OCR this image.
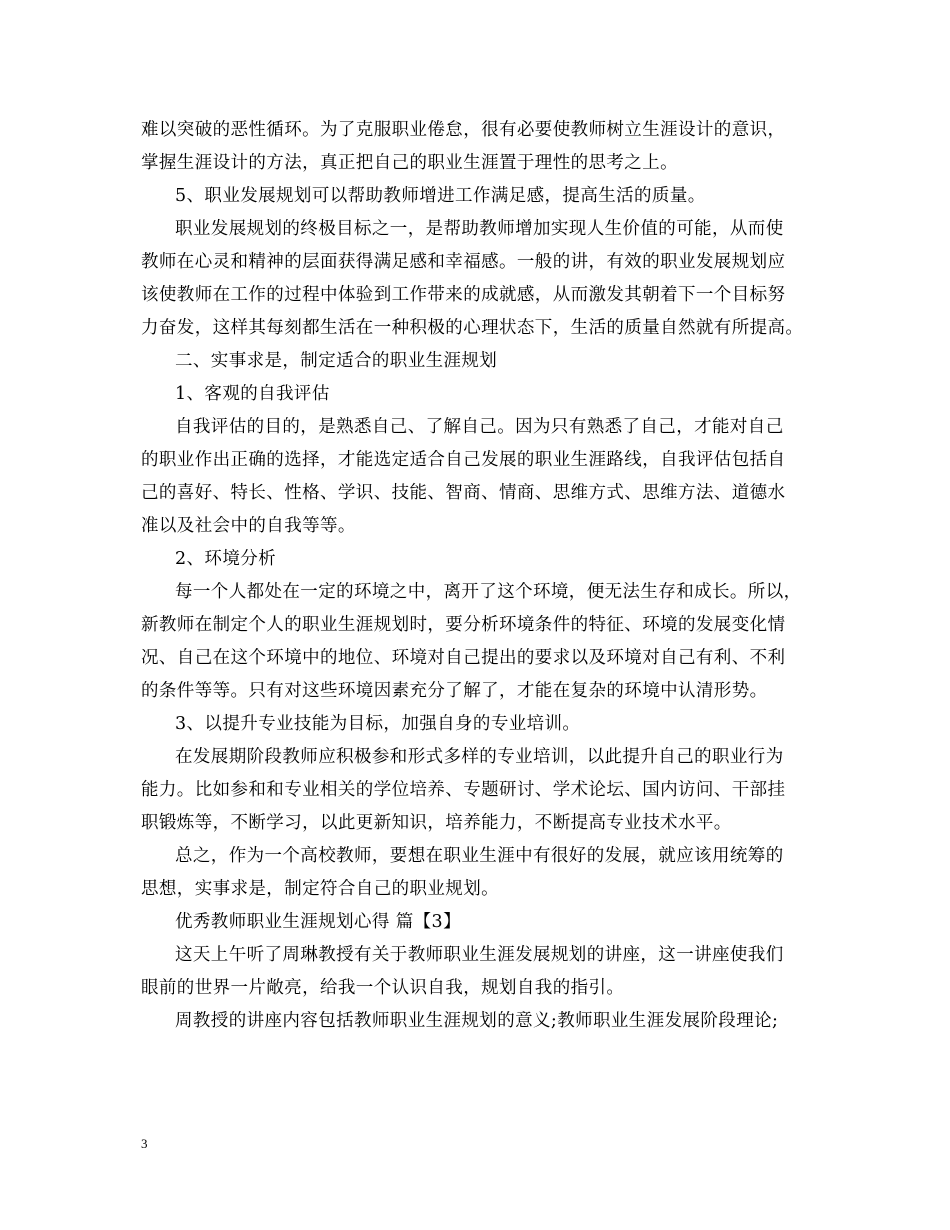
难以突破的恶性循环。为了克服职业倦怠，很有必要使教师树立生涯设计的意识，
掌握生涯设计的方法，真正把自己的职业生涯置于理性的思考之上。
5、职业发展规划可以帮助教师增进工作满足感，提高生活的质量。
职业发展规划的终极目标之一，是帮助教师增加实现人生价值的可能，从而使
教师在心灵和精神的层面获得满足感和幸福感。一般的讲，有效的职业发展规划应
该使教师在工作的过程中体验到工作带来的成就感，从而激发其朝着下一个目标努
力奋发，这样其每刻都生活在一种积极的心理状态下，生活的质量自然就有所提高。
二、实事求是，制定适合的职业生涯规划
1、客观的自我评估
自我评估的目的，是熟悉自己、了解自己。因为只有熟悉了自己，才能对自己
的职业作出正确的选择，才能选定适合自己发展的职业生涯路线，自我评估包括自
己的喜好、特长、性格、学识、技能、智商、情商、思维方式、思维方法、道德水
准以及社会中的自我等等。
2、环境分析
每一个人都处在一定的环境之中，离开了这个环境，便无法生存和成长。所以，
新教师在制定个人的职业生涯规划时，要分析环境条件的特征、环境的发展变化情
况、自己在这个环境中的地位、环境对自己提出的要求以及环境对自己有利、不利
的条件等等。只有对这些环境因素充分了解了，才能在复杂的环境中认清形势。
3、以提升专业技能为目标，加强自身的专业培训。
在发展期阶段教师应积极参和形式多样的专业培训，以此提升自己的职业行为
能力。比如参和和专业相关的学位培养、专题研讨、学术论坛、国内访问、干部挂
职锻炼等，不断学习，以此更新知识，培养能力，不断提高专业技术水平。
总之，作为一个高校教师，要想在职业生涯中有很好的发展，就应该用统筹的
思想，实事求是，制定符合自己的职业规划。
优秀教师职业生涯规划心得 篇【3】
这天上午听了周琳教授有关于教师职业生涯发展规划的讲座，这一讲座使我们
眼前的世界一片敞亮，给我一个认识自我，规划自我的指引。
周教授的讲座内容包括教师职业生涯规划的意义;教师职业生涯发展阶段理论;
3
